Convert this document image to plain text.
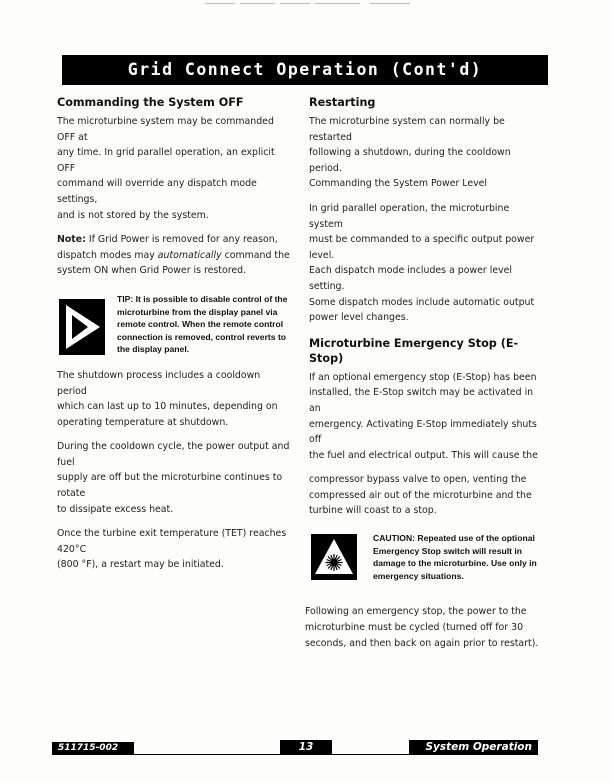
Grid Connect Operation (Cont'd)
Commanding the System OFF

The microturbine system may be commanded OFF at
any time. In grid parallel operation, an explicit OFF
command will override any dispatch mode settings,
and is not stored by the system.

Note: If Grid Power is removed for any reason,
dispatch modes may automatically command the
system ON when Grid Power is restored.

TIP: It is possible to disable control of the
microturbine from the display panel via
remote control. When the remote control
connection is removed, control reverts to
the display panel.

The shutdown process includes a cooldown period
which can last up to 10 minutes, depending on
operating temperature at shutdown.

During the cooldown cycle, the power output and fuel
supply are off but the microturbine continues to rotate
to dissipate excess heat.

Once the turbine exit temperature (TET) reaches 420°C
(800 °F), a restart may be initiated.

Restarting

The microturbine system can normally be restarted
following a shutdown, during the cooldown period.
Commanding the System Power Level

In grid parallel operation, the microturbine system
must be commanded to a specific output power level.
Each dispatch mode includes a power level setting.
Some dispatch modes include automatic output
power level changes.

Microturbine Emergency Stop (E-Stop)

If an optional emergency stop (E-Stop) has been
installed, the E-Stop switch may be activated in an
emergency. Activating E-Stop immediately shuts off
the fuel and electrical output. This will cause the

compressor bypass valve to open, venting the
compressed air out of the microturbine and the
turbine will coast to a stop.

CAUTION: Repeated use of the optional
Emergency Stop switch will result in
damage to the microturbine. Use only in
emergency situations.

Following an emergency stop, the power to the
microturbine must be cycled (turned off for 30
seconds, and then back on again prior to restart).

511715-002	13	System Operation
